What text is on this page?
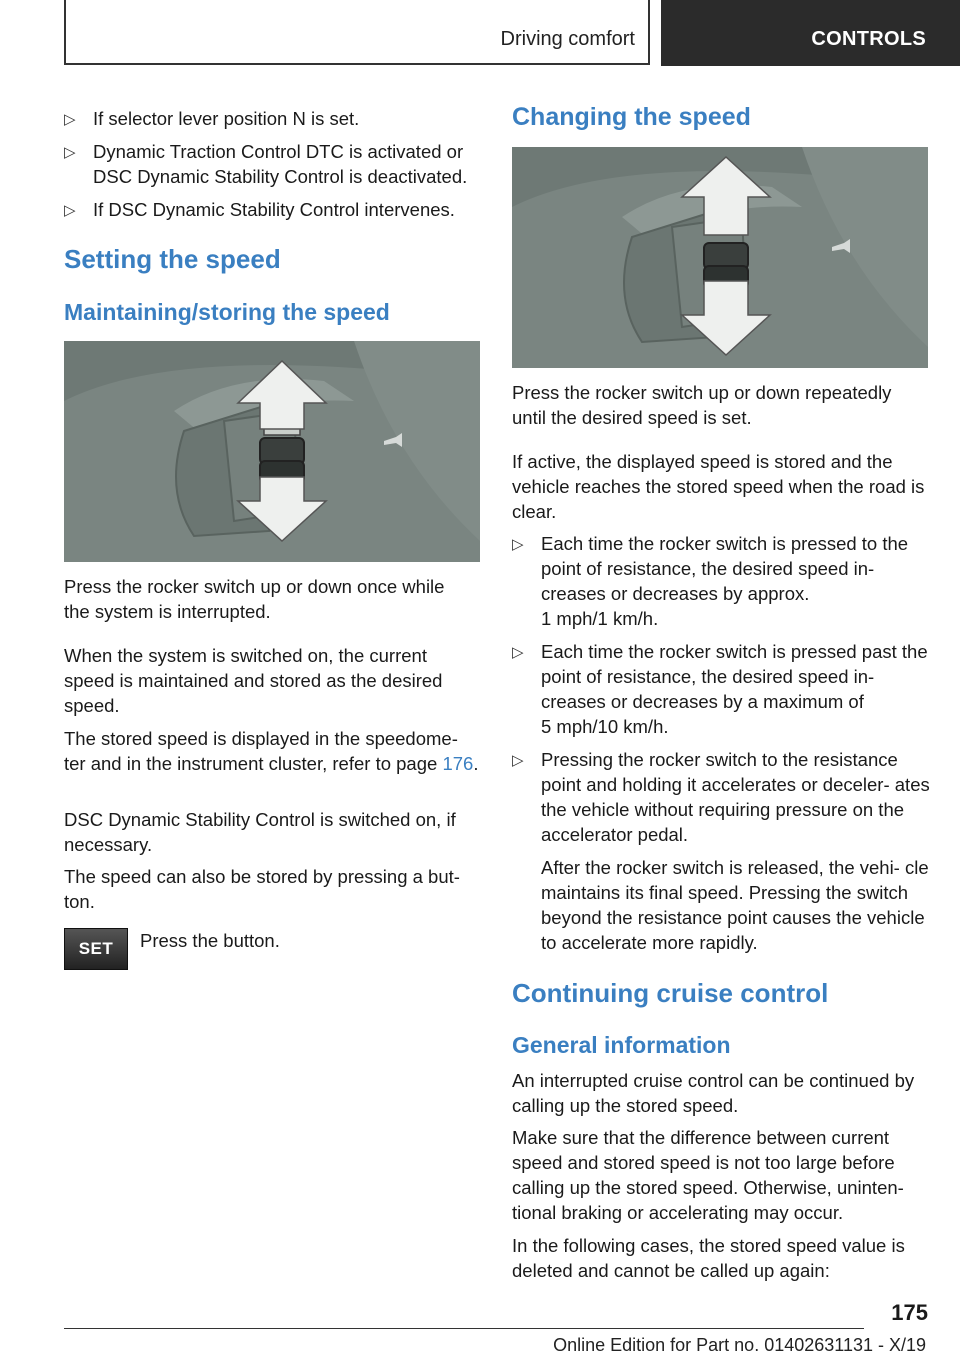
Driving comfort	CONTROLS
▷ If selector lever position N is set.
▷ Dynamic Traction Control DTC is activated or DSC Dynamic Stability Control is deactivated.
▷ If DSC Dynamic Stability Control intervenes.
Setting the speed
Maintaining/storing the speed

Press the rocker switch up or down once while the system is interrupted.

When the system is switched on, the current speed is maintained and stored as the desired speed.

The stored speed is displayed in the speedome‐ ter and in the instrument cluster, refer to page 176.

DSC Dynamic Stability Control is switched on, if necessary.

The speed can also be stored by pressing a but‐ ton.

SET	Press the button.

Changing the speed

Press the rocker switch up or down repeatedly until the desired speed is set.

If active, the displayed speed is stored and the vehicle reaches the stored speed when the road is clear.

▷ Each time the rocker switch is pressed to the point of resistance, the desired speed in‐ creases or decreases by approx.
1 mph/1 km/h.
▷ Each time the rocker switch is pressed past the point of resistance, the desired speed in‐ creases or decreases by a maximum of
5 mph/10 km/h.
▷ Pressing the rocker switch to the resistance point and holding it accelerates or deceler‐ ates the vehicle without requiring pressure on the accelerator pedal.
After the rocker switch is released, the vehi‐ cle maintains its final speed. Pressing the switch beyond the resistance point causes the vehicle to accelerate more rapidly.
Continuing cruise control
General information

An interrupted cruise control can be continued by calling up the stored speed.

Make sure that the difference between current speed and stored speed is not too large before calling up the stored speed. Otherwise, uninten‐ tional braking or accelerating may occur.

In the following cases, the stored speed value is deleted and cannot be called up again:

175
Online Edition for Part no. 01402631131 - X/19
